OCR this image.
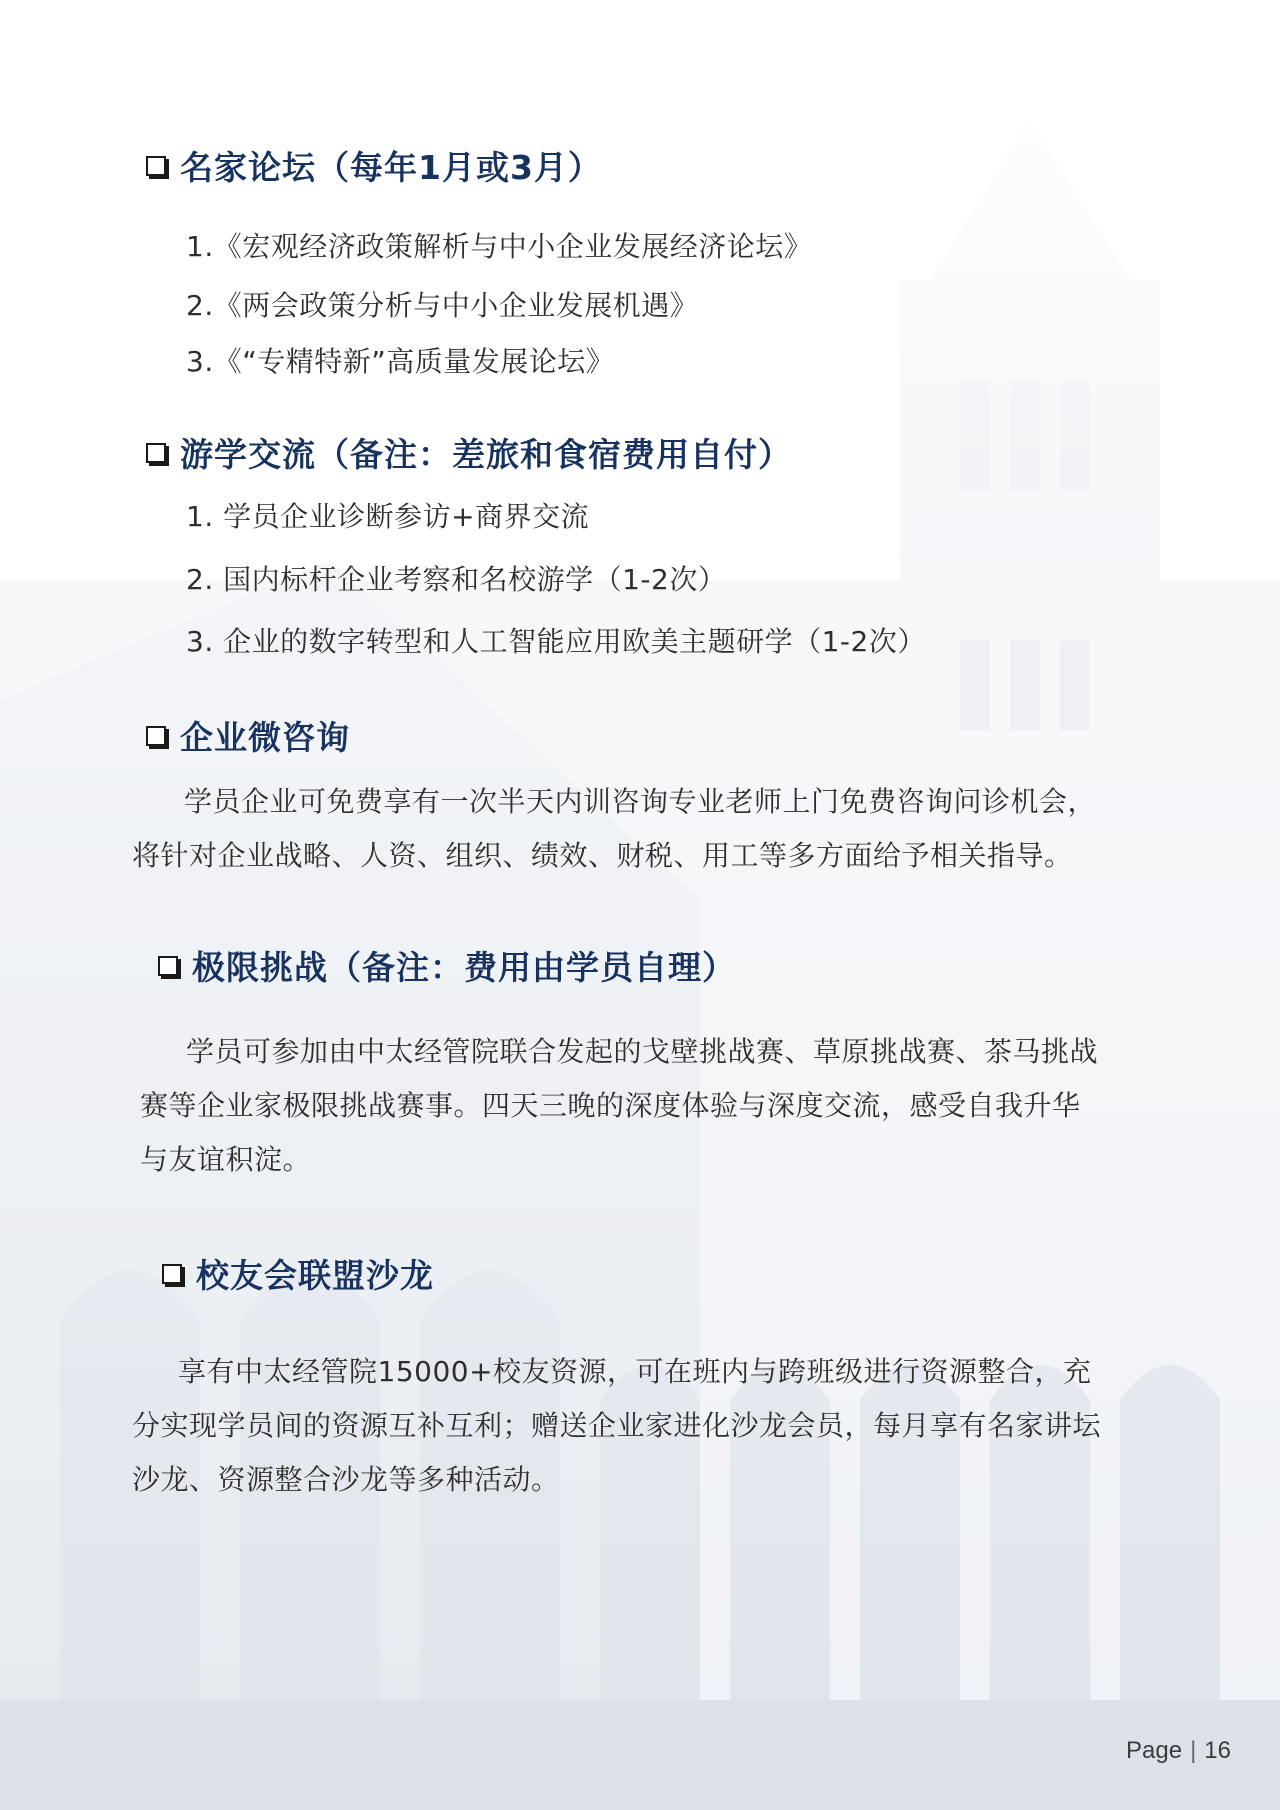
名家论坛（每年1月或3月）
1.《宏观经济政策解析与中小企业发展经济论坛》
2.《两会政策分析与中小企业发展机遇》
3.《“专精特新”高质量发展论坛》
游学交流（备注：差旅和食宿费用自付）
1. 学员企业诊断参访+商界交流
2. 国内标杆企业考察和名校游学（1-2次）
3. 企业的数字转型和人工智能应用欧美主题研学（1-2次）
企业微咨询
学员企业可免费享有一次半天内训咨询专业老师上门免费咨询问诊机会，
将针对企业战略、人资、组织、绩效、财税、用工等多方面给予相关指导。
极限挑战（备注：费用由学员自理）
学员可参加由中太经管院联合发起的戈壁挑战赛、草原挑战赛、茶马挑战
赛等企业家极限挑战赛事。四天三晚的深度体验与深度交流，感受自我升华
与友谊积淀。
校友会联盟沙龙
享有中太经管院15000+校友资源，可在班内与跨班级进行资源整合，充
分实现学员间的资源互补互利；赠送企业家进化沙龙会员，每月享有名家讲坛
沙龙、资源整合沙龙等多种活动。
Page | 16
